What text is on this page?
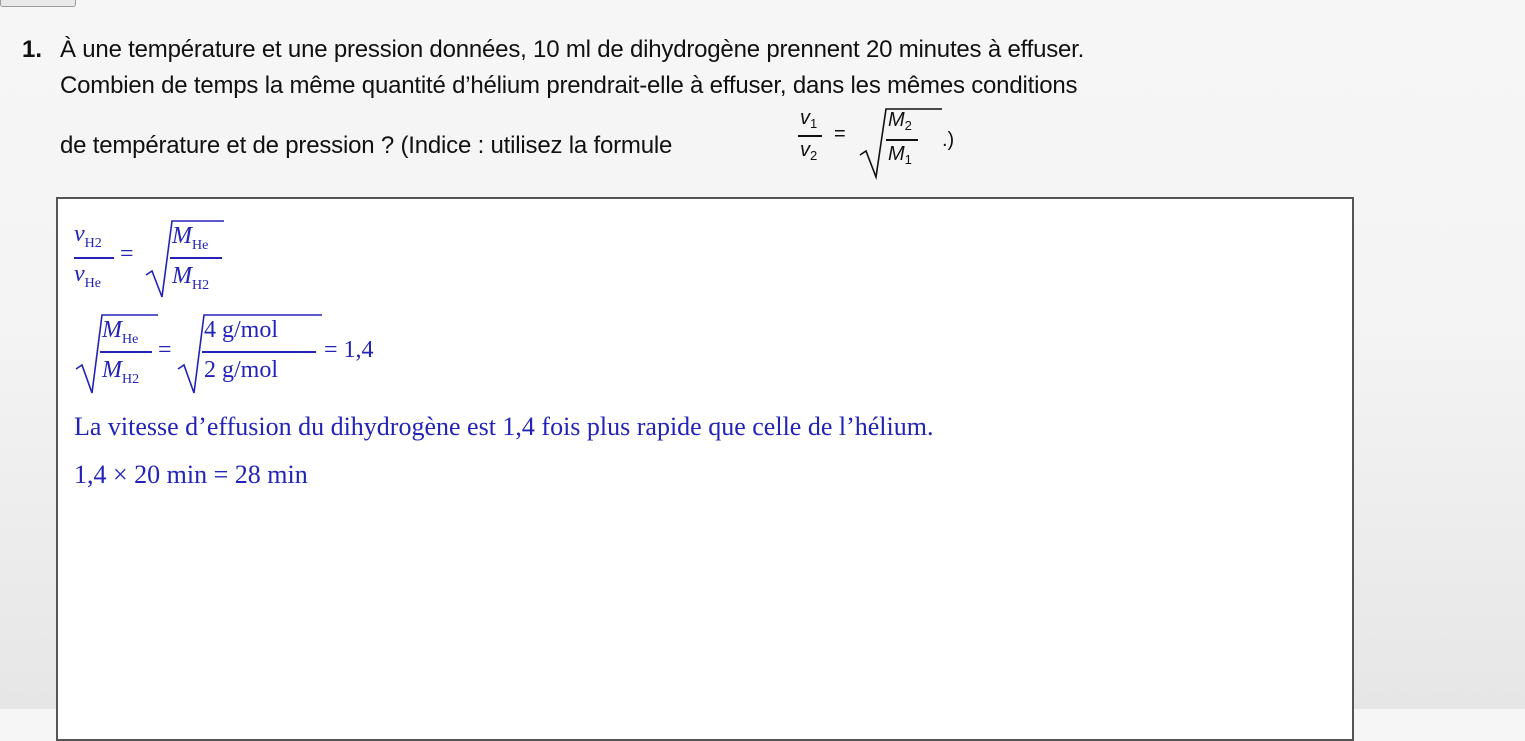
1. À une température et une pression données, 10 ml de dihydrogène prennent 20 minutes à effuser.
Combien de temps la même quantité d’hélium prendrait-elle à effuser, dans les mêmes conditions
de température et de pression ? (Indice : utilisez la formule
$v_1$
$v_2$
=
$M_2$
$M_1$
.)
$v_{H2}$
$v_{He}$
=
$M_{He}$
$M_{H2}$
$M_{He}$
$M_{H2}$
=
4 g/mol
2 g/mol
= 1,4
La vitesse d’effusion du dihydrogène est 1,4 fois plus rapide que celle de l’hélium.
1,4 × 20 min = 28 min
